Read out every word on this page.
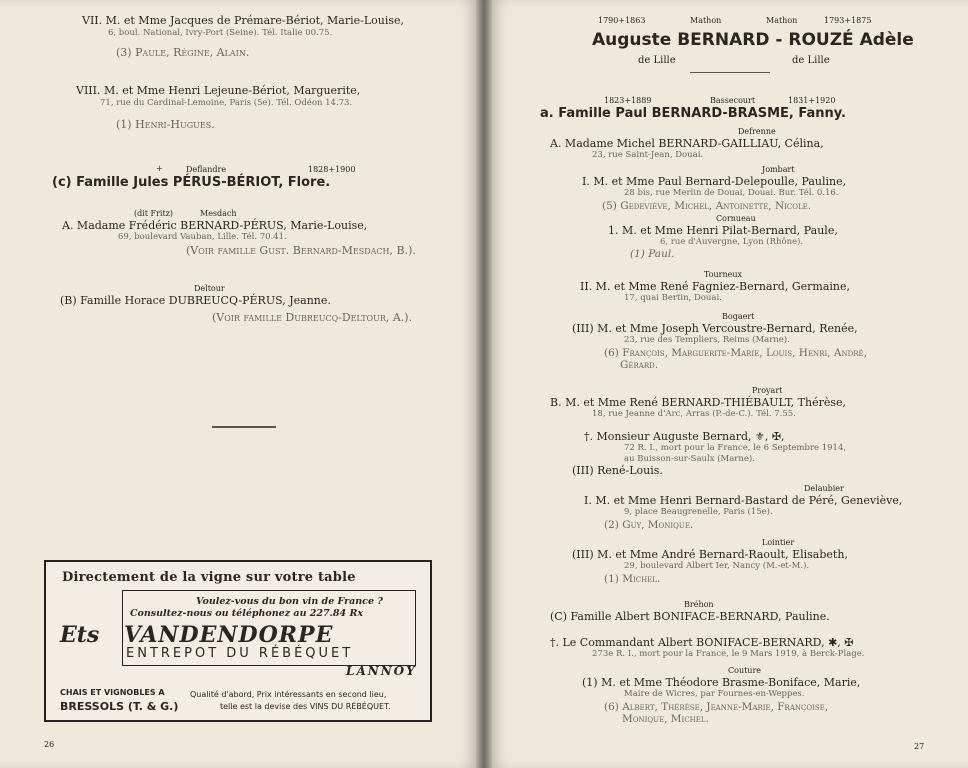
VII. M. et Mme Jacques de Prémare-Bériot, Marie-Louise,
6, boul. National, Ivry-Port (Seine). Tél. Italie 00.75.
(3) Paule, Régine, Alain.
VIII. M. et Mme Henri Lejeune-Bériot, Marguerite,
71, rue du Cardinal-Lemoine, Paris (5e). Tél. Odéon 14.73.
(1) Henri-Hugues.
+	Deflandre	1828+1900
(c) Famille Jules PÉRUS-BÉRIOT, Flore.
(dit Fritz)	Mesdach
A. Madame Frédéric BERNARD-PÉRUS, Marie-Louise,
69, boulevard Vauban, Lille. Tél. 70.41.
(Voir famille Gust. Bernard-Mesdach, B.).
Deltour
(B) Famille Horace DUBREUCQ-PÉRUS, Jeanne.
(Voir famille Dubreucq-Deltour, A.).
Directement de la vigne sur votre table
Voulez-vous du bon vin de France ?
Consultez-nous ou téléphonez au 227.84 Rx
Ets VANDENDORPE
ENTREPOT DU RÉBÉQUET
LANNOY
CHAIS ET VIGNOBLES A
BRESSOLS (T. & G.)
Qualité d'abord, Prix intéressants en second lieu,
telle est la devise des VINS DU RÉBÉQUET.
26
1790+1863	Mathon	Mathon	1793+1875
Auguste BERNARD - ROUZÉ Adèle
de Lille	de Lille
1823+1889	Bassecourt	1831+1920
a. Famille Paul BERNARD-BRASME, Fanny.
Defrenne
A. Madame Michel BERNARD-GAILLIAU, Célina,
23, rue Saint-Jean, Douai.
Jombart
I. M. et Mme Paul Bernard-Delepoulle, Pauline,
28 bis, rue Merlin de Douai, Douai. Bur. Tél. 0.16.
(5) Gedeviève, Michel, Antoinette, Nicole.
Cornueau
1. M. et Mme Henri Pilat-Bernard, Paule,
6, rue d'Auvergne, Lyon (Rhône).
(1) Paul.
Tourneux
II. M. et Mme René Fagniez-Bernard, Germaine,
17, quai Bertin, Douai.
Bogaert
(III) M. et Mme Joseph Vercoustre-Bernard, Renée,
23, rue des Templiers, Reims (Marne).
(6) François, Marguerite-Marie, Louis, Henri, André,
Gérard.
Proyart
B. M. et Mme René BERNARD-THIÉBAULT, Thérèse,
18, rue Jeanne d'Arc, Arras (P.-de-C.). Tél. 7.55.
†. Monsieur Auguste Bernard, ⚜, ✠,
72 R. I., mort pour la France, le 6 Septembre 1914,
au Buisson-sur-Saulx (Marne).
(III) René-Louis.
Delaubier
I. M. et Mme Henri Bernard-Bastard de Péré, Geneviève,
9, place Beaugrenelle, Paris (15e).
(2) Guy, Monique.
Lointier
(III) M. et Mme André Bernard-Raoult, Elisabeth,
29, boulevard Albert Ier, Nancy (M.-et-M.).
(1) Michel.
Bréhon
(C) Famille Albert BONIFACE-BERNARD, Pauline.
†. Le Commandant Albert BONIFACE-BERNARD, ✱, ✠
273e R. I., mort pour la France, le 9 Mars 1919, à Berck-Plage.
Couture
(1) M. et Mme Théodore Brasme-Boniface, Marie,
Maire de Wicres, par Fournes-en-Weppes.
(6) Albert, Thérèse, Jeanne-Marie, Françoise,
Monique, Michel.
27
